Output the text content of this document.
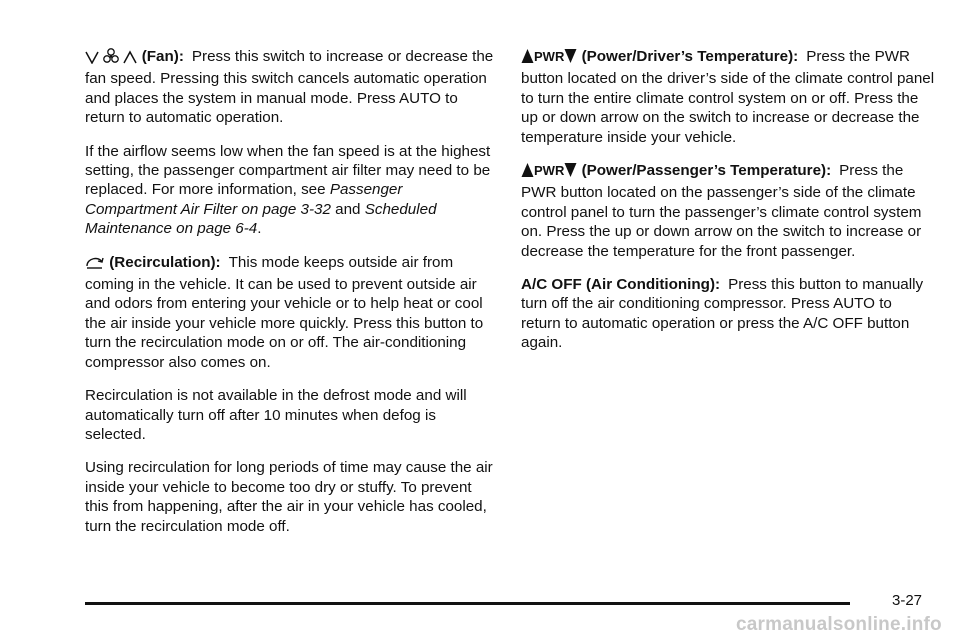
(Fan): Press this switch to increase or decrease the fan speed. Pressing this switch cancels automatic operation and places the system in manual mode. Press AUTO to return to automatic operation.

If the airflow seems low when the fan speed is at the highest setting, the passenger compartment air filter may need to be replaced. For more information, see Passenger Compartment Air Filter on page 3-32 and Scheduled Maintenance on page 6-4.

(Recirculation): This mode keeps outside air from coming in the vehicle. It can be used to prevent outside air and odors from entering your vehicle or to help heat or cool the air inside your vehicle more quickly. Press this button to turn the recirculation mode on or off. The air-conditioning compressor also comes on.

Recirculation is not available in the defrost mode and will automatically turn off after 10 minutes when defog is selected.

Using recirculation for long periods of time may cause the air inside your vehicle to become too dry or stuffy. To prevent this from happening, after the air in your vehicle has cooled, turn the recirculation mode off.

PWR (Power/Driver’s Temperature): Press the PWR button located on the driver’s side of the climate control panel to turn the entire climate control system on or off. Press the up or down arrow on the switch to increase or decrease the temperature inside your vehicle.

PWR (Power/Passenger’s Temperature): Press the PWR button located on the passenger’s side of the climate control panel to turn the passenger’s climate control system on. Press the up or down arrow on the switch to increase or decrease the temperature for the front passenger.

A/C OFF (Air Conditioning): Press this button to manually turn off the air conditioning compressor. Press AUTO to return to automatic operation or press the A/C OFF button again.

3-27
carmanualsonline.info
